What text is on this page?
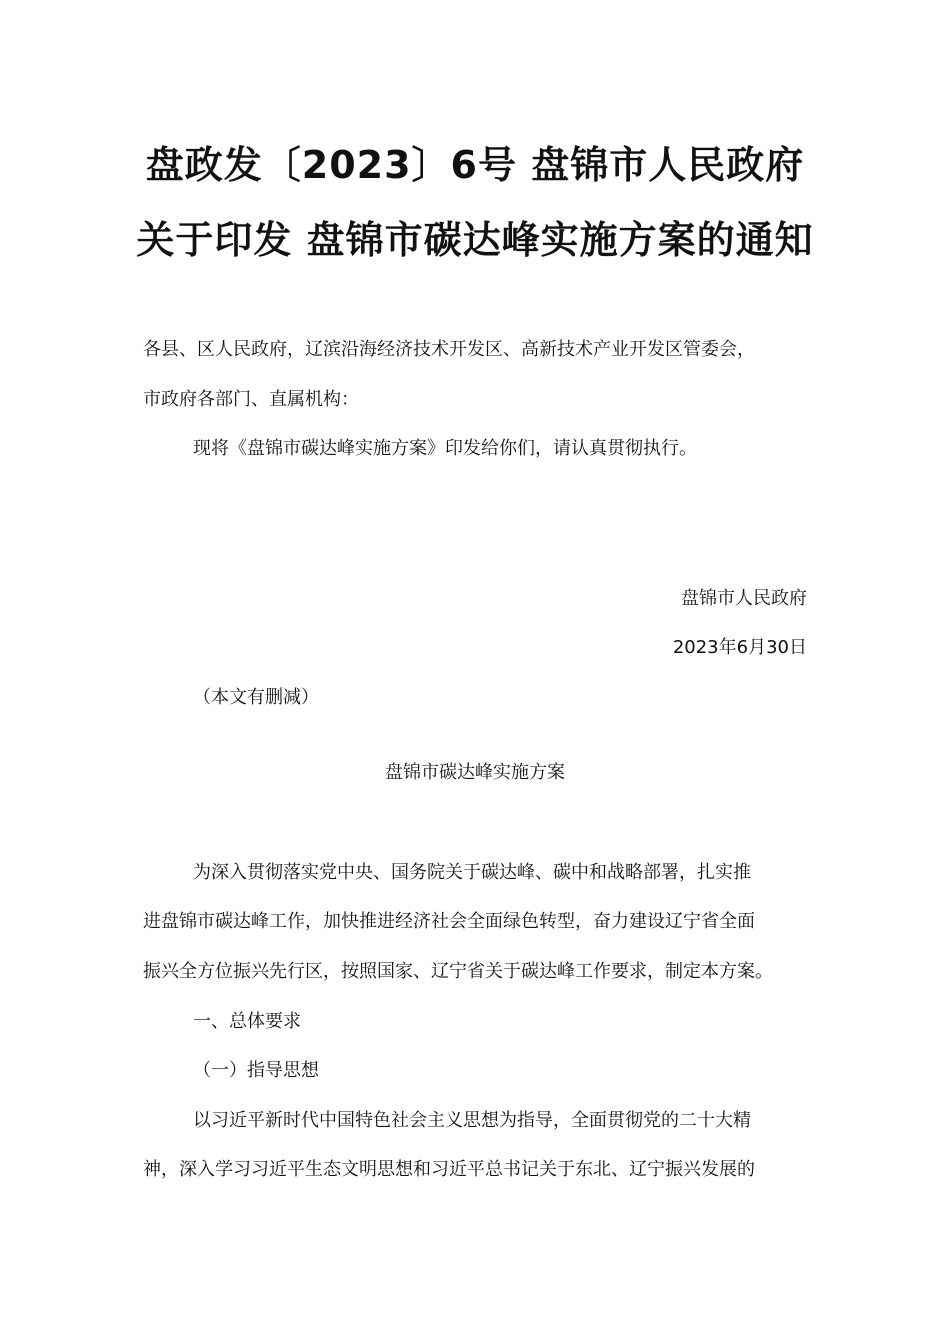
盘政发〔2023〕6号 盘锦市人民政府
关于印发 盘锦市碳达峰实施方案的通知
各县、区人民政府，辽滨沿海经济技术开发区、高新技术产业开发区管委会，
市政府各部门、直属机构：
现将《盘锦市碳达峰实施方案》印发给你们，请认真贯彻执行。
盘锦市人民政府
2023年6月30日
（本文有删减）
盘锦市碳达峰实施方案
为深入贯彻落实党中央、国务院关于碳达峰、碳中和战略部署，扎实推
进盘锦市碳达峰工作，加快推进经济社会全面绿色转型，奋力建设辽宁省全面
振兴全方位振兴先行区，按照国家、辽宁省关于碳达峰工作要求，制定本方案。
一、总体要求
（一）指导思想
以习近平新时代中国特色社会主义思想为指导，全面贯彻党的二十大精
神，深入学习习近平生态文明思想和习近平总书记关于东北、辽宁振兴发展的
